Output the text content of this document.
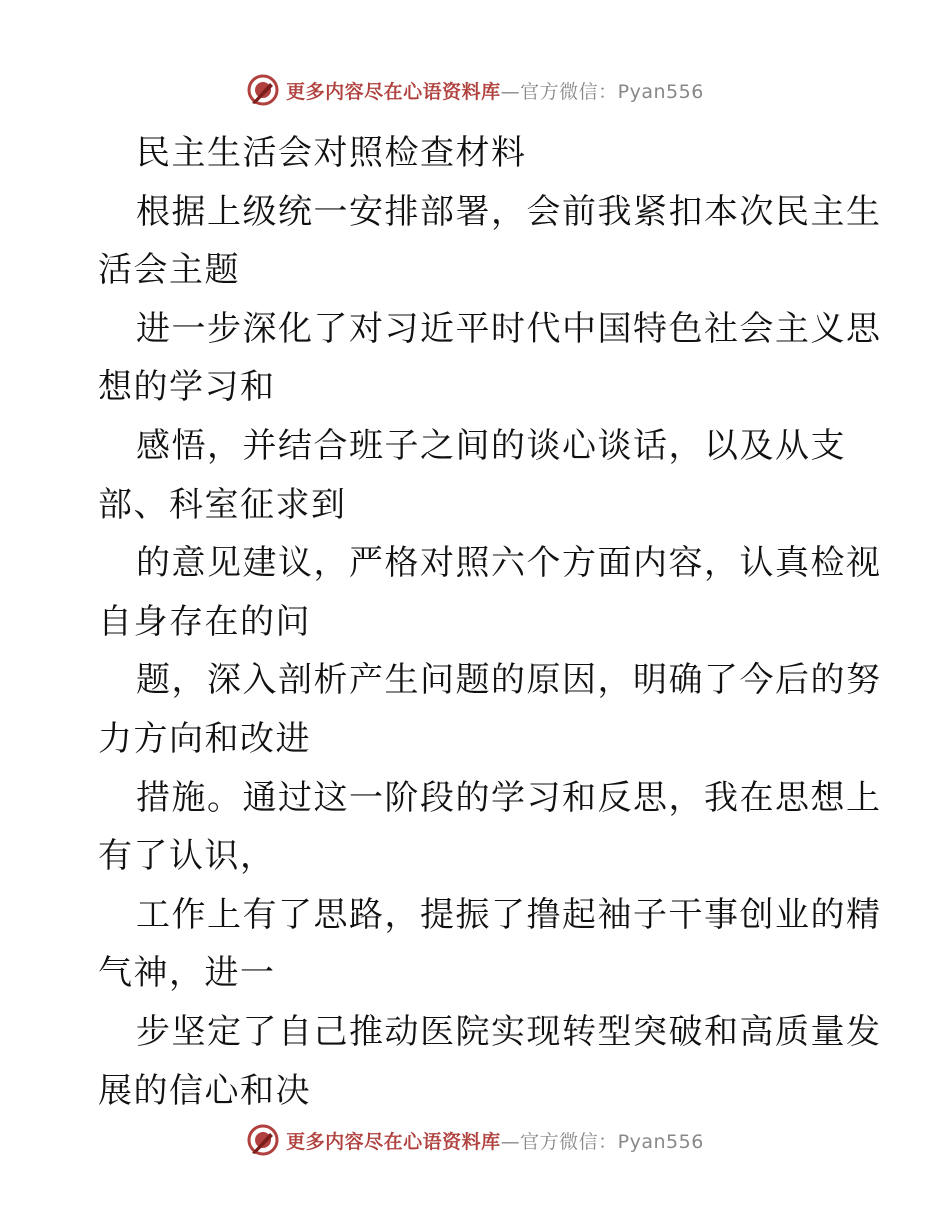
更多内容尽在心语资料库—官方微信：Pyan556
民主生活会对照检查材料
根据上级统一安排部署，会前我紧扣本次民主生
活会主题
进一步深化了对习近平时代中国特色社会主义思
想的学习和
感悟，并结合班子之间的谈心谈话，以及从支
部、科室征求到
的意见建议，严格对照六个方面内容，认真检视
自身存在的问
题，深入剖析产生问题的原因，明确了今后的努
力方向和改进
措施。通过这一阶段的学习和反思，我在思想上
有了认识，
工作上有了思路，提振了撸起袖子干事创业的精
气神，进一
步坚定了自己推动医院实现转型突破和高质量发
展的信心和决
更多内容尽在心语资料库—官方微信：Pyan556
